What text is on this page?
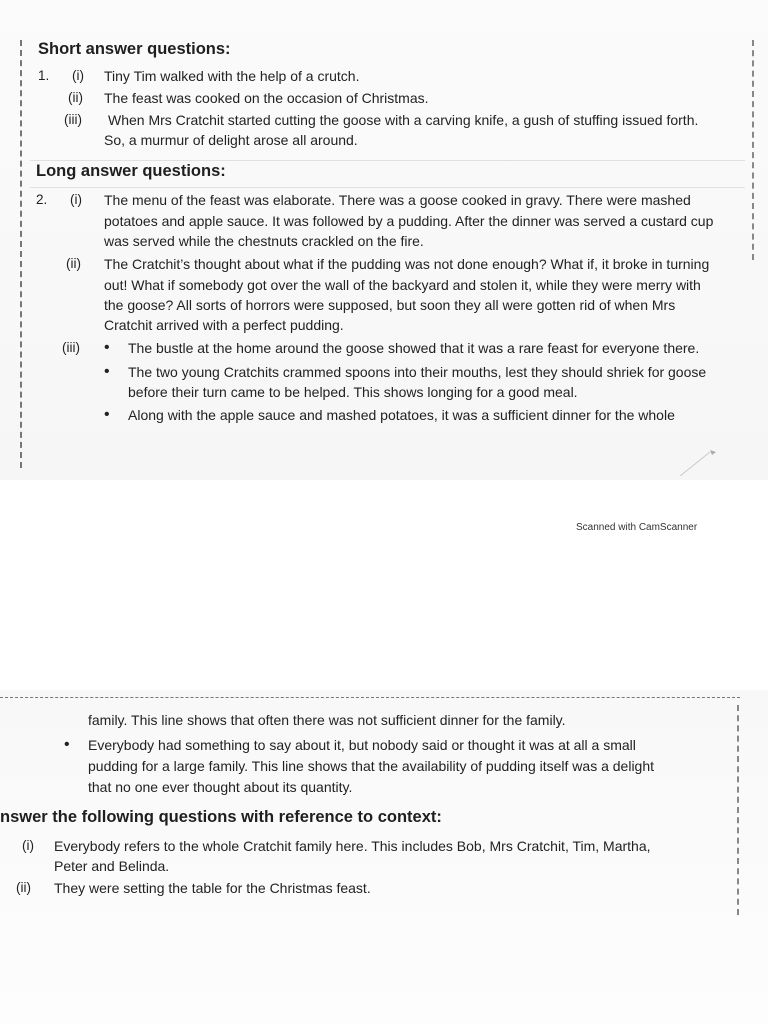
Short answer questions:
1. (i) Tiny Tim walked with the help of a crutch.
(ii) The feast was cooked on the occasion of Christmas.
(iii) When Mrs Cratchit started cutting the goose with a carving knife, a gush of stuffing issued forth.
So, a murmur of delight arose all around.
Long answer questions:
2. (i) The menu of the feast was elaborate. There was a goose cooked in gravy. There were mashed
potatoes and apple sauce. It was followed by a pudding. After the dinner was served a custard cup
was served while the chestnuts crackled on the fire.
(ii) The Cratchit’s thought about what if the pudding was not done enough? What if, it broke in turning
out! What if somebody got over the wall of the backyard and stolen it, while they were merry with
the goose? All sorts of horrors were supposed, but soon they all were gotten rid of when Mrs
Cratchit arrived with a perfect pudding.
(iii) • The bustle at the home around the goose showed that it was a rare feast for everyone there.
• The two young Cratchits crammed spoons into their mouths, lest they should shriek for goose
before their turn came to be helped. This shows longing for a good meal.
• Along with the apple sauce and mashed potatoes, it was a sufficient dinner for the whole
Scanned with CamScanner
family. This line shows that often there was not sufficient dinner for the family.
• Everybody had something to say about it, but nobody said or thought it was at all a small
pudding for a large family. This line shows that the availability of pudding itself was a delight
that no one ever thought about its quantity.
nswer the following questions with reference to context:
(i) Everybody refers to the whole Cratchit family here. This includes Bob, Mrs Cratchit, Tim, Martha,
Peter and Belinda.
(ii) They were setting the table for the Christmas feast.
